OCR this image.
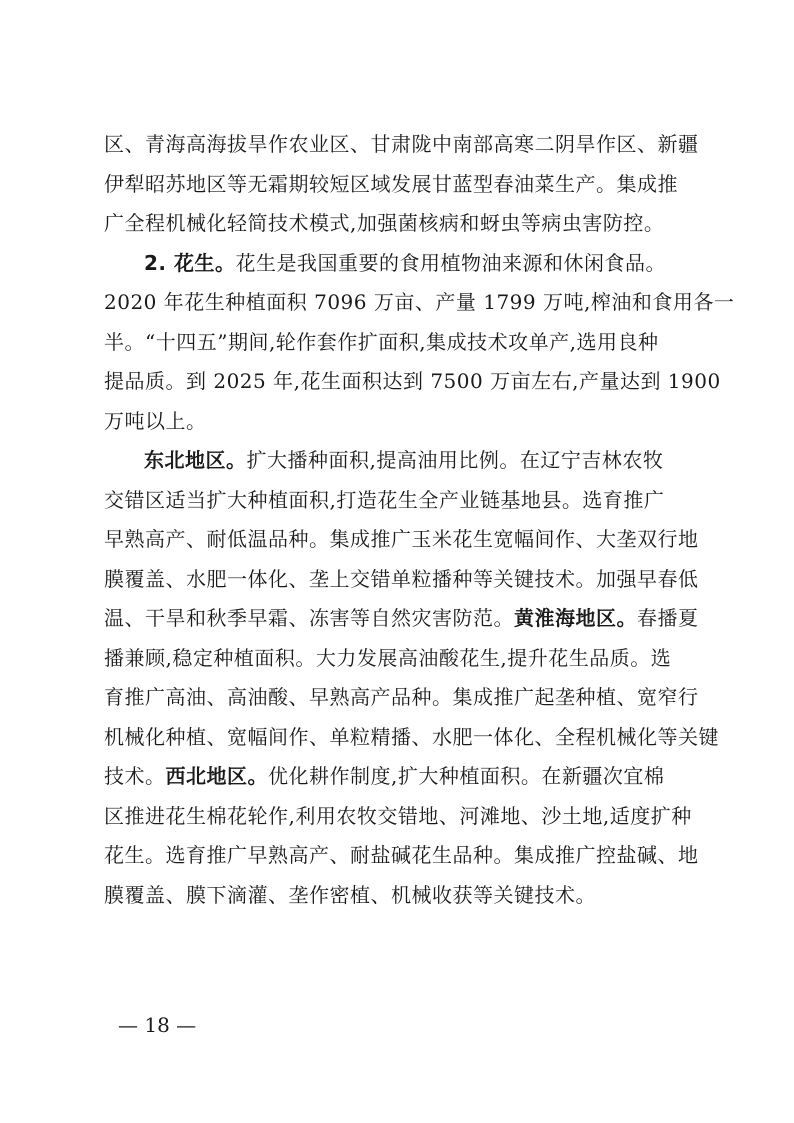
区、青海高海拔旱作农业区、甘肃陇中南部高寒二阴旱作区、新疆
伊犁昭苏地区等无霜期较短区域发展甘蓝型春油菜生产。集成推
广全程机械化轻简技术模式,加强菌核病和蚜虫等病虫害防控。
2. 花生。花生是我国重要的食用植物油来源和休闲食品。
2020 年花生种植面积 7096 万亩、产量 1799 万吨,榨油和食用各一
半。“十四五”期间,轮作套作扩面积,集成技术攻单产,选用良种
提品质。到 2025 年,花生面积达到 7500 万亩左右,产量达到 1900
万吨以上。
东北地区。扩大播种面积,提高油用比例。在辽宁吉林农牧
交错区适当扩大种植面积,打造花生全产业链基地县。选育推广
早熟高产、耐低温品种。集成推广玉米花生宽幅间作、大垄双行地
膜覆盖、水肥一体化、垄上交错单粒播种等关键技术。加强早春低
温、干旱和秋季早霜、冻害等自然灾害防范。黄淮海地区。春播夏
播兼顾,稳定种植面积。大力发展高油酸花生,提升花生品质。选
育推广高油、高油酸、早熟高产品种。集成推广起垄种植、宽窄行
机械化种植、宽幅间作、单粒精播、水肥一体化、全程机械化等关键
技术。西北地区。优化耕作制度,扩大种植面积。在新疆次宜棉
区推进花生棉花轮作,利用农牧交错地、河滩地、沙土地,适度扩种
花生。选育推广早熟高产、耐盐碱花生品种。集成推广控盐碱、地
膜覆盖、膜下滴灌、垄作密植、机械收获等关键技术。
— 18 —
